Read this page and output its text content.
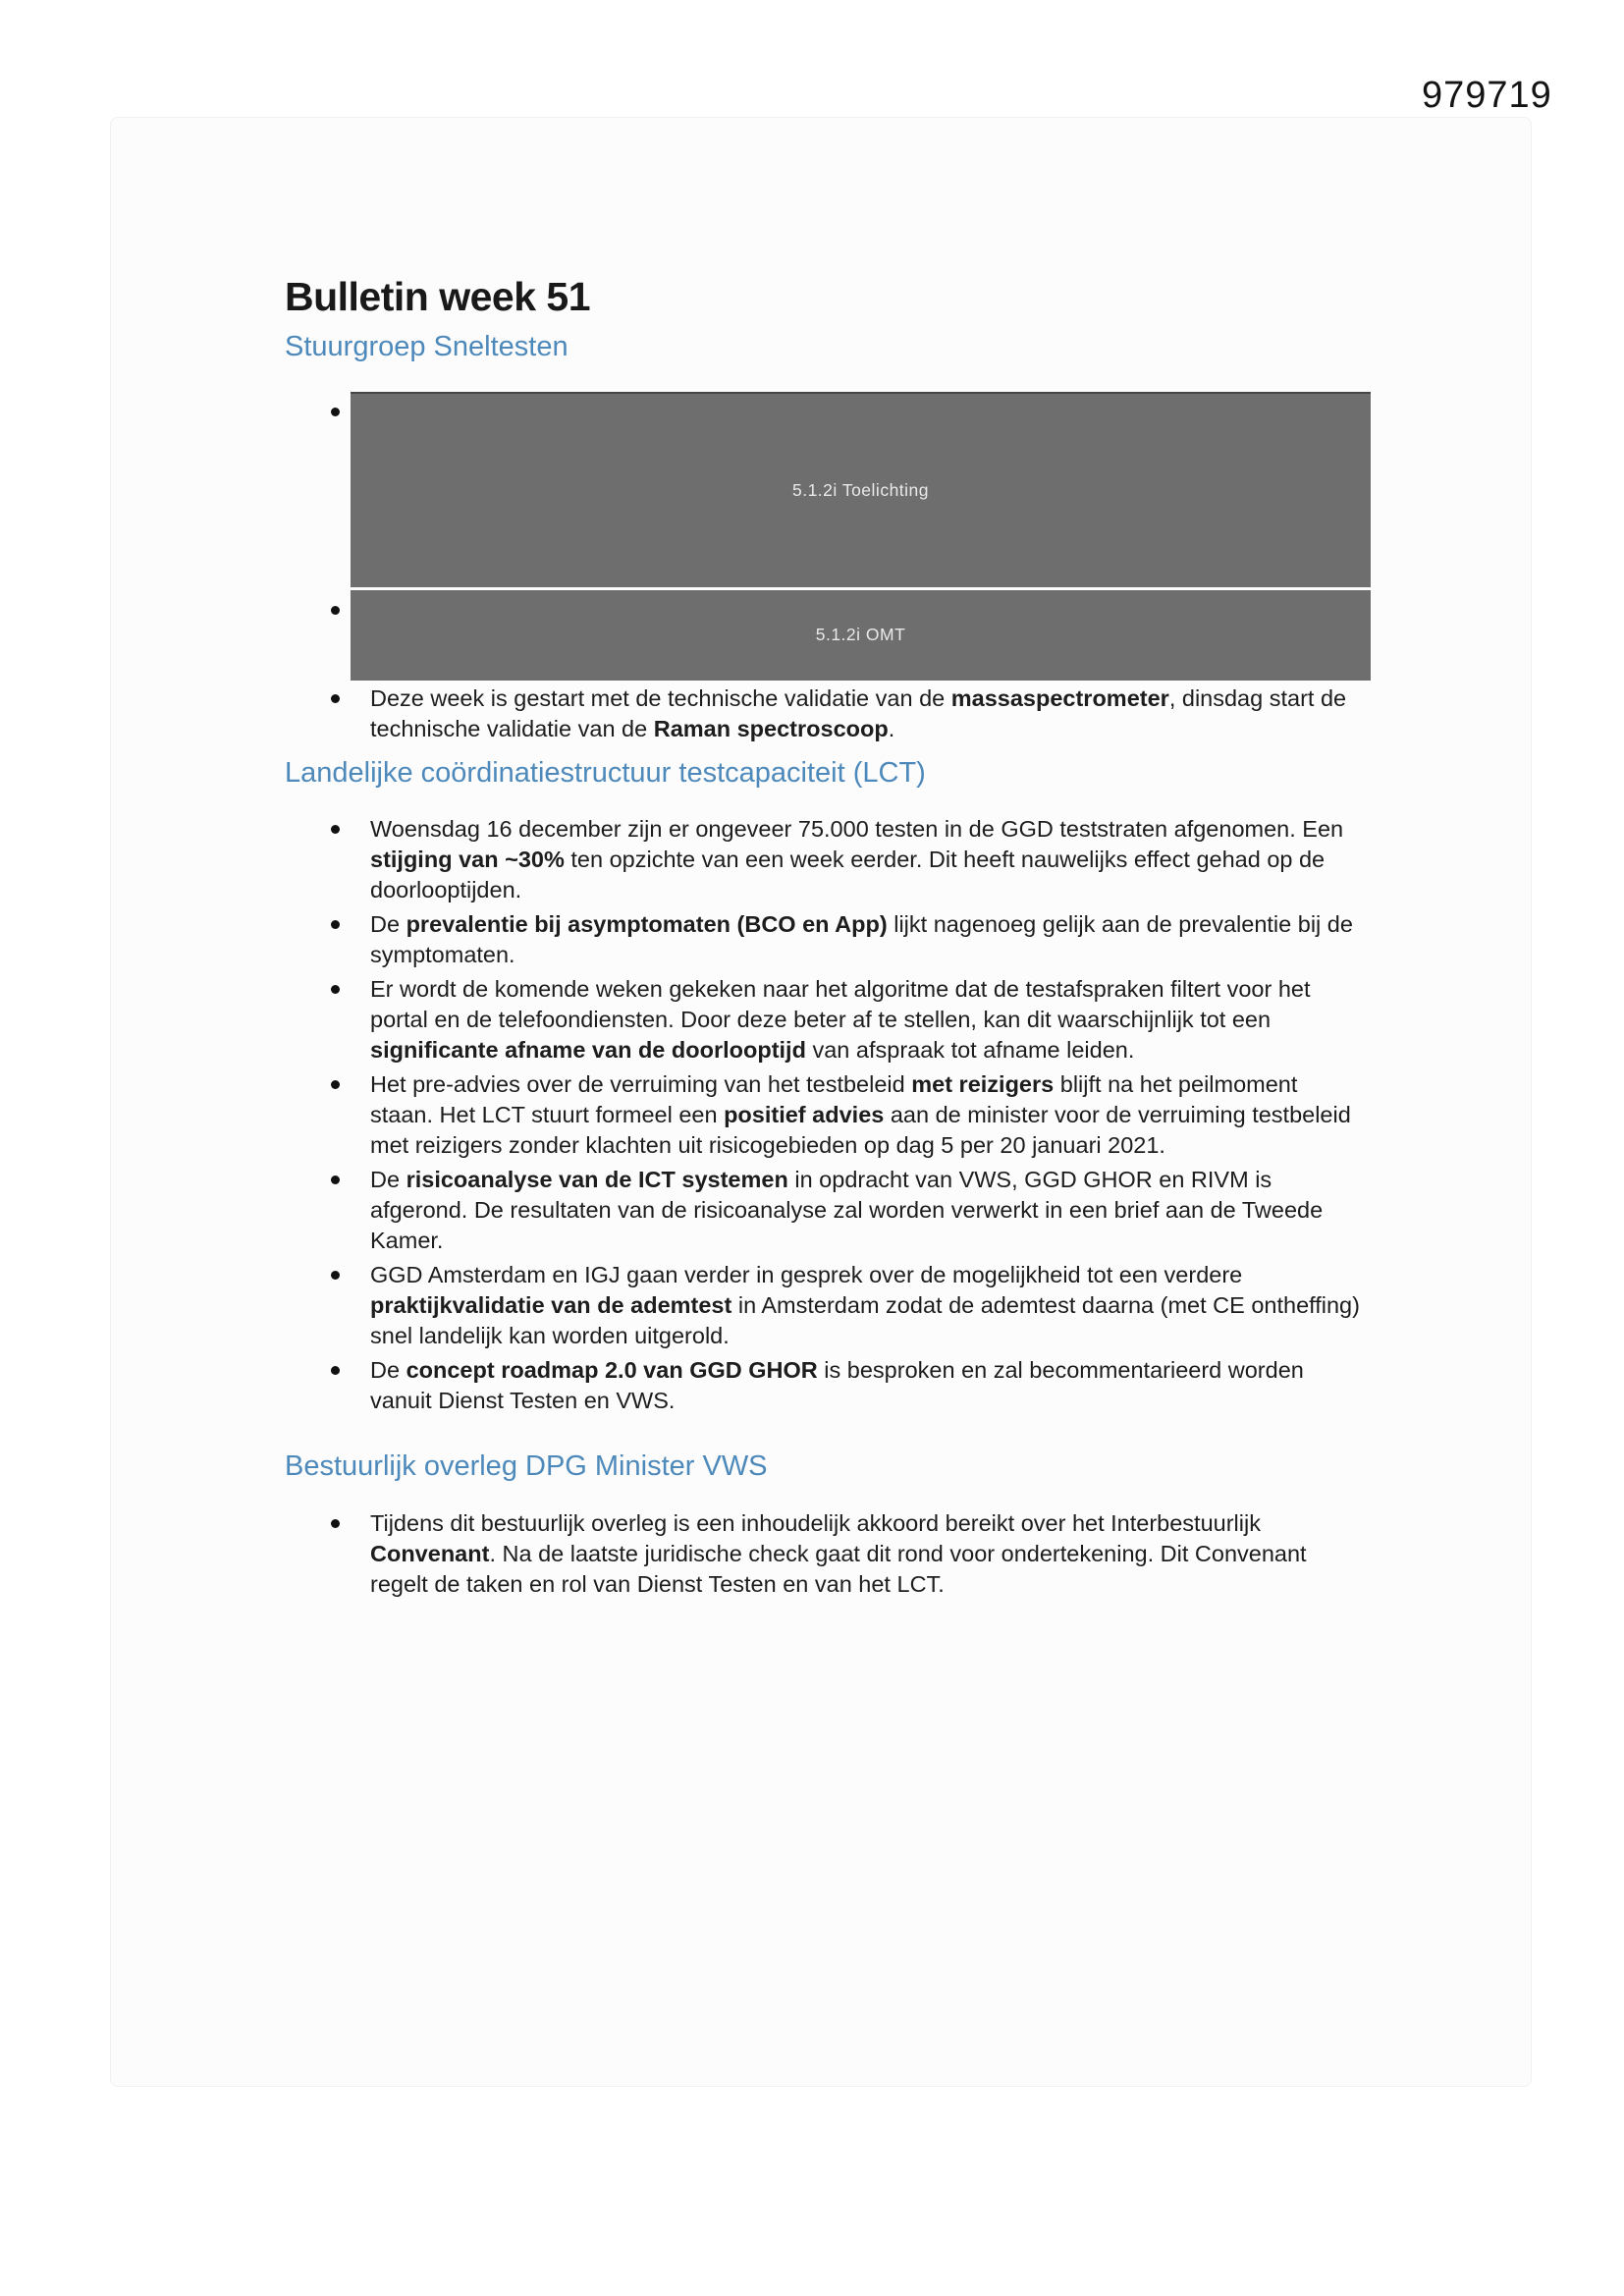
979719
Bulletin week 51
Stuurgroep Sneltesten
5.1.2i Toelichting
5.1.2i OMT
Deze week is gestart met de technische validatie van de massaspectrometer, dinsdag start de technische validatie van de Raman spectroscoop.
Landelijke coördinatiestructuur testcapaciteit (LCT)
Woensdag 16 december zijn er ongeveer 75.000 testen in de GGD teststraten afgenomen. Een stijging van ~30% ten opzichte van een week eerder. Dit heeft nauwelijks effect gehad op de doorlooptijden.
De prevalentie bij asymptomaten (BCO en App) lijkt nagenoeg gelijk aan de prevalentie bij de symptomaten.
Er wordt de komende weken gekeken naar het algoritme dat de testafspraken filtert voor het portal en de telefoondiensten. Door deze beter af te stellen, kan dit waarschijnlijk tot een significante afname van de doorlooptijd van afspraak tot afname leiden.
Het pre-advies over de verruiming van het testbeleid met reizigers blijft na het peilmoment staan. Het LCT stuurt formeel een positief advies aan de minister voor de verruiming testbeleid met reizigers zonder klachten uit risicogebieden op dag 5 per 20 januari 2021.
De risicoanalyse van de ICT systemen in opdracht van VWS, GGD GHOR en RIVM is afgerond. De resultaten van de risicoanalyse zal worden verwerkt in een brief aan de Tweede Kamer.
GGD Amsterdam en IGJ gaan verder in gesprek over de mogelijkheid tot een verdere praktijkvalidatie van de ademtest in Amsterdam zodat de ademtest daarna (met CE ontheffing) snel landelijk kan worden uitgerold.
De concept roadmap 2.0 van GGD GHOR is besproken en zal becommentarieerd worden vanuit Dienst Testen en VWS.
Bestuurlijk overleg DPG Minister VWS
Tijdens dit bestuurlijk overleg is een inhoudelijk akkoord bereikt over het Interbestuurlijk Convenant. Na de laatste juridische check gaat dit rond voor ondertekening. Dit Convenant regelt de taken en rol van Dienst Testen en van het LCT.
